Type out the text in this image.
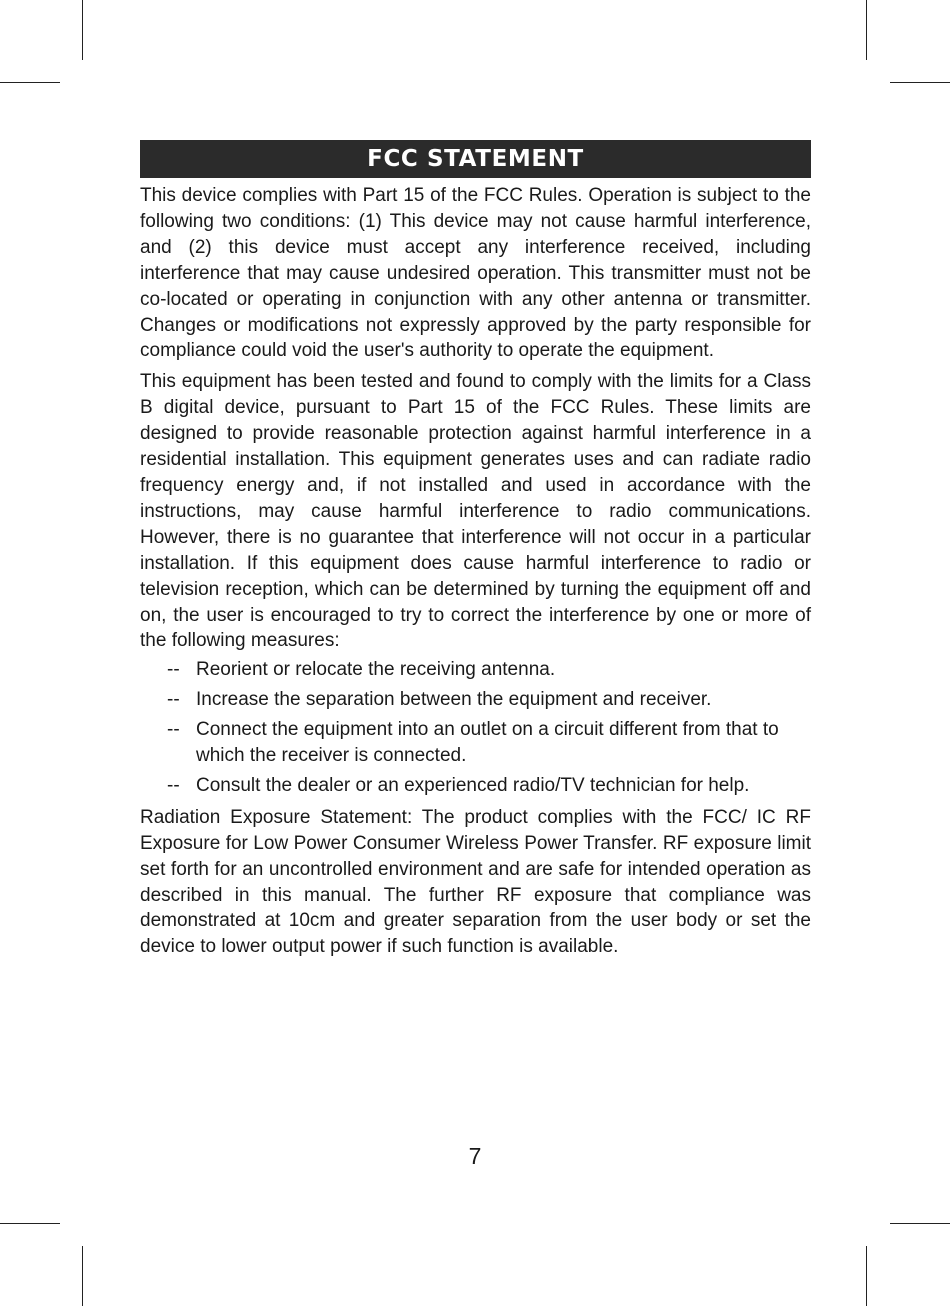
FCC STATEMENT

This device complies with Part 15 of the FCC Rules. Operation is subject to the following two conditions: (1) This device may not cause harmful interference, and (2) this device must accept any interference received, including interference that may cause undesired operation. This transmitter must not be co-located or operating in conjunction with any other antenna or transmitter. Changes or modifications not expressly approved by the party responsible for compliance could void the user's authority to operate the equipment.

This equipment has been tested and found to comply with the limits for a Class B digital device, pursuant to Part 15 of the FCC Rules. These limits are designed to provide reasonable protection against harmful interference in a residential installation. This equipment generates uses and can radiate radio frequency energy and, if not installed and used in accordance with the instructions, may cause harmful interference to radio communications. However, there is no guarantee that interference will not occur in a particular installation. If this equipment does cause harmful interference to radio or television reception, which can be determined by turning the equipment off and on, the user is encouraged to try to correct the interference by one or more of the following measures:

-- Reorient or relocate the receiving antenna.
-- Increase the separation between the equipment and receiver.
-- Connect the equipment into an outlet on a circuit different from that to which the receiver is connected.
-- Consult the dealer or an experienced radio/TV technician for help.

Radiation Exposure Statement: The product complies with the FCC/ IC RF Exposure for Low Power Consumer Wireless Power Transfer. RF exposure limit set forth for an uncontrolled environment and are safe for intended operation as described in this manual. The further RF exposure that compliance was demonstrated at 10cm and greater separation from the user body or set the device to lower output power if such function is available.

7
